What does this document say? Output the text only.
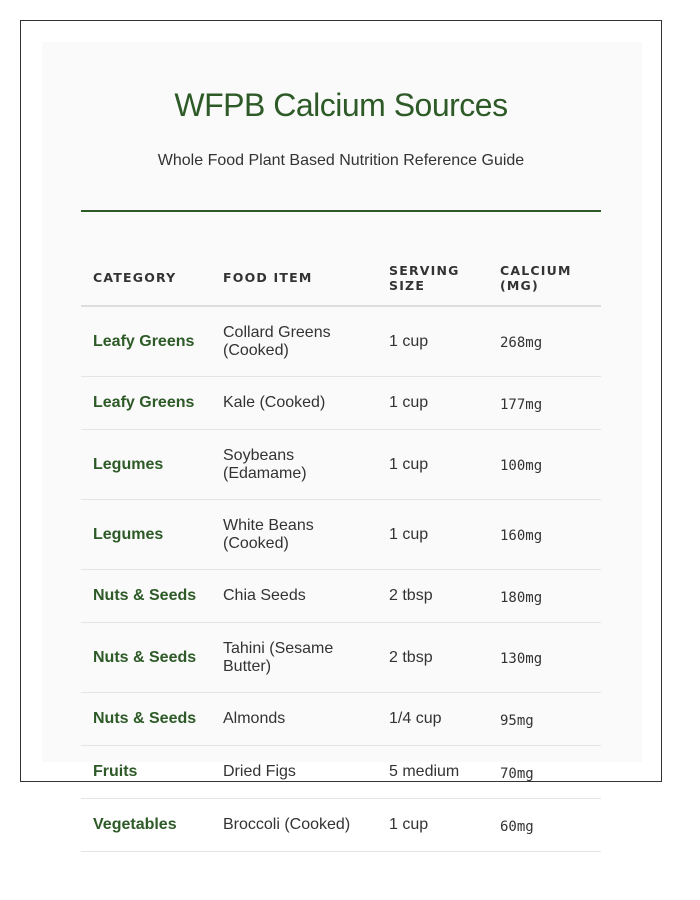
WFPB Calcium Sources
Whole Food Plant Based Nutrition Reference Guide
CATEGORY	FOOD ITEM	SERVING SIZE	CALCIUM (MG)
Leafy Greens	Collard Greens (Cooked)	1 cup	268mg
Leafy Greens	Kale (Cooked)	1 cup	177mg
Legumes	Soybeans (Edamame)	1 cup	100mg
Legumes	White Beans (Cooked)	1 cup	160mg
Nuts & Seeds	Chia Seeds	2 tbsp	180mg
Nuts & Seeds	Tahini (Sesame Butter)	2 tbsp	130mg
Nuts & Seeds	Almonds	1/4 cup	95mg
Fruits	Dried Figs	5 medium	70mg
Vegetables	Broccoli (Cooked)	1 cup	60mg
